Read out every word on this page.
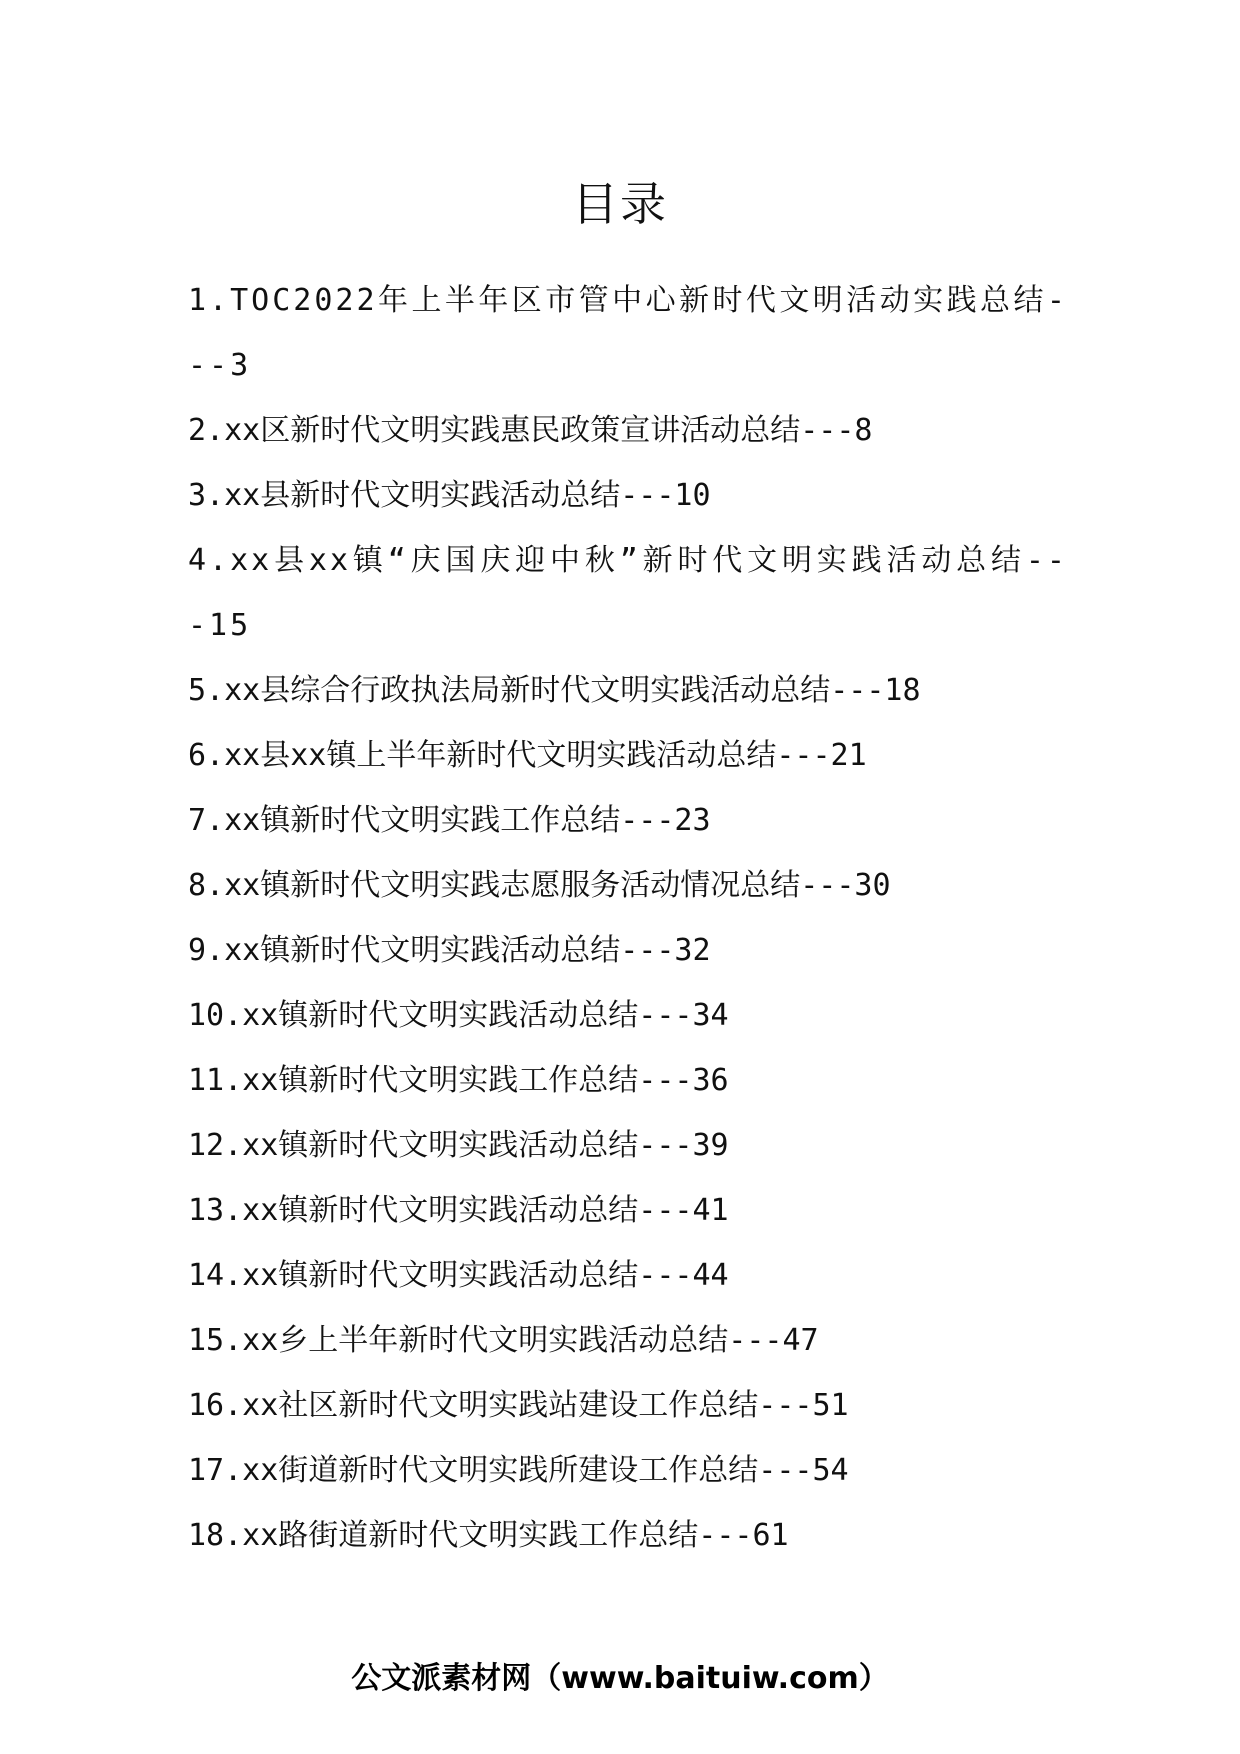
目录
1.TOC2022年上半年区市管中心新时代文明活动实践总结---3
2.xx区新时代文明实践惠民政策宣讲活动总结---8
3.xx县新时代文明实践活动总结---10
4.xx县xx镇“庆国庆迎中秋”新时代文明实践活动总结---15
5.xx县综合行政执法局新时代文明实践活动总结---18
6.xx县xx镇上半年新时代文明实践活动总结---21
7.xx镇新时代文明实践工作总结---23
8.xx镇新时代文明实践志愿服务活动情况总结---30
9.xx镇新时代文明实践活动总结---32
10.xx镇新时代文明实践活动总结---34
11.xx镇新时代文明实践工作总结---36
12.xx镇新时代文明实践活动总结---39
13.xx镇新时代文明实践活动总结---41
14.xx镇新时代文明实践活动总结---44
15.xx乡上半年新时代文明实践活动总结---47
16.xx社区新时代文明实践站建设工作总结---51
17.xx街道新时代文明实践所建设工作总结---54
18.xx路街道新时代文明实践工作总结---61
公文派素材网（www.baituiw.com）
